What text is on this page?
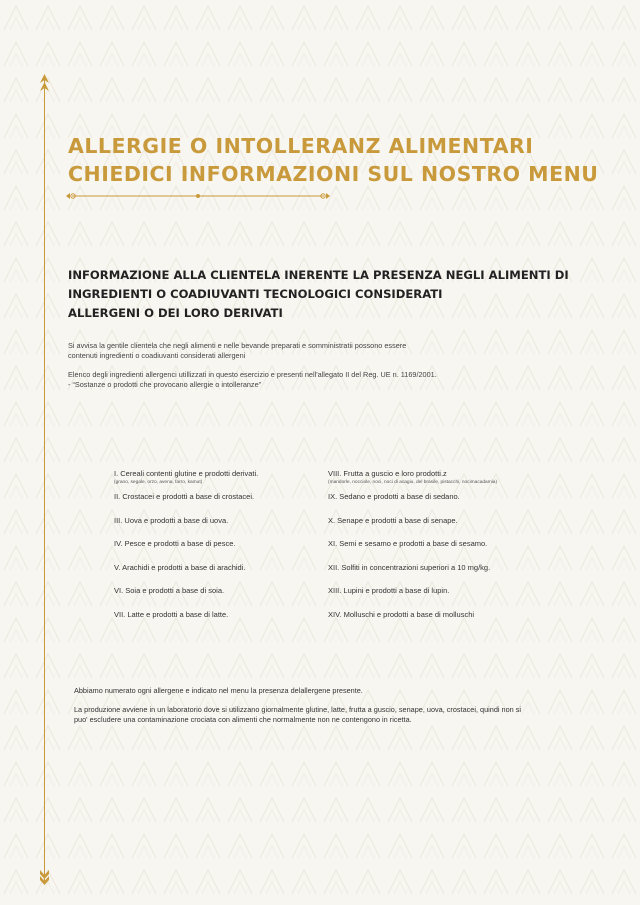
ALLERGIE O INTOLLERANZ ALIMENTARI
CHIEDICI INFORMAZIONI SUL NOSTRO MENU
INFORMAZIONE ALLA CLIENTELA INERENTE LA PRESENZA NEGLI ALIMENTI DI
INGREDIENTI O COADIUVANTI TECNOLOGICI CONSIDERATI
ALLERGENI O DEI LORO DERIVATI

Si avvisa la gentile clientela che negli alimenti e nelle bevande preparati e somministratii possono essere
contenuti ingredienti o coadiuvanti considerati allergeni

Elenco degli ingredienti allergenci utillizzati in questo esercizio e presenti nell'allegato II del Reg. UE n. 1169/2001.
- “Sostanze o prodotti che provocano allergie o intolleranze”

I. Cereali contenti glutine e prodotti derivati.
(grano, segale, orzo, avena, farro, kamut)
II. Crostacei e prodotti a base di crostacei.
III. Uova e prodotti a base di uova.
IV. Pesce e prodotti a base di pesce.
V. Arachidi e prodotti a base di arachidi.
VI. Soia e prodotti a base di soia.
VII. Latte e prodotti a base di latte.
VIII. Frutta a guscio e loro prodotti.z
(mandorle, nocciole, noci, noci di acagiu, del brasile, pistacchi, nocimacadamia)
IX. Sedano e prodotti a base di sedano.
X. Senape e prodotti a base di senape.
XI. Semi e sesamo e prodotti a base di sesamo.
XII. Solfiti in concentrazioni superiori a 10 mg/kg.
XIII. Lupini e prodotti a base di lupin.
XIV. Molluschi e prodotti a base di molluschi

Abbiamo numerato ogni allergene e indicato nel menu la presenza delallergene presente.

La produzione avviene in un laboratorio dove si utilizzano giornalmente glutine, latte, frutta a guscio, senape, uova, crostacei, quindi non si
puo' escludere una contaminazione crociata con alimenti che normalmente non ne contengono in ricetta.
